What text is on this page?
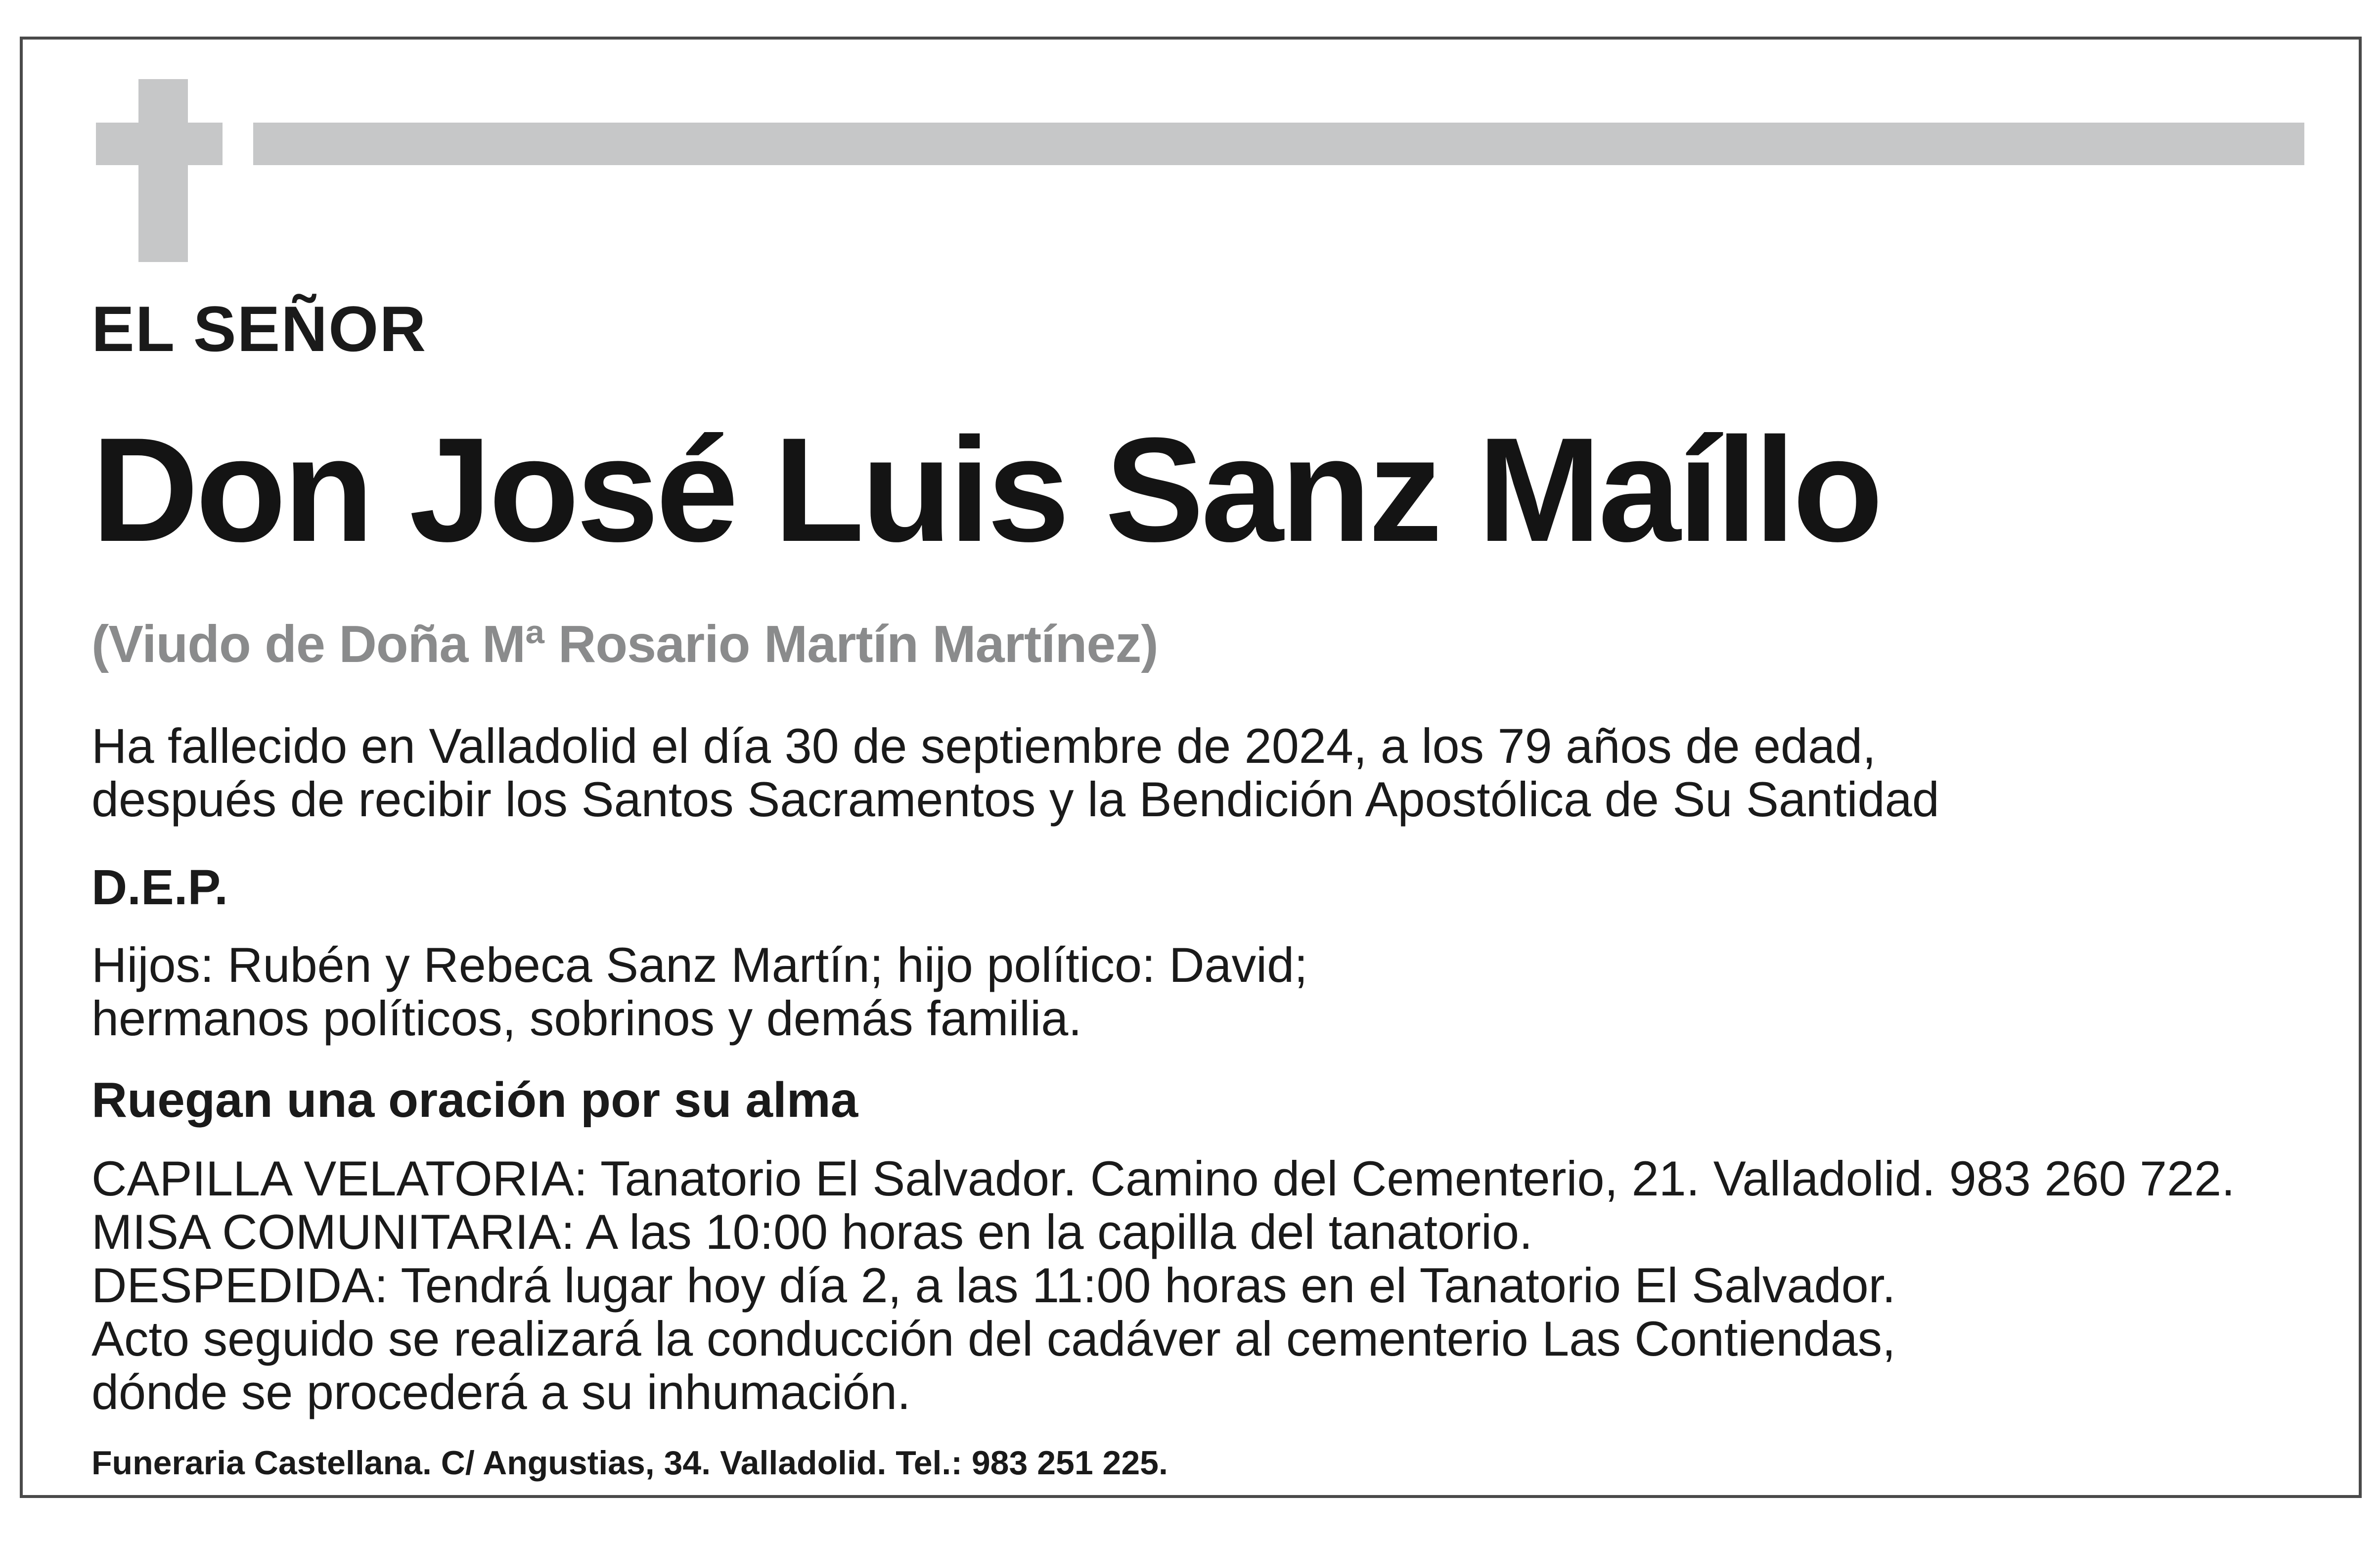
EL SEÑOR
Don José Luis Sanz Maíllo
(Viudo de Doña Mª Rosario Martín Martínez)
Ha fallecido en Valladolid el día 30 de septiembre de 2024, a los 79 años de edad,
después de recibir los Santos Sacramentos y la Bendición Apostólica de Su Santidad
D.E.P.
Hijos: Rubén y Rebeca Sanz Martín; hijo político: David;
hermanos políticos, sobrinos y demás familia.
Ruegan una oración por su alma
CAPILLA VELATORIA: Tanatorio El Salvador. Camino del Cementerio, 21. Valladolid. 983 260 722.
MISA COMUNITARIA: A las 10:00 horas en la capilla del tanatorio.
DESPEDIDA: Tendrá lugar hoy día 2, a las 11:00 horas en el Tanatorio El Salvador.
Acto seguido se realizará la conducción del cadáver al cementerio Las Contiendas,
dónde se procederá a su inhumación.
Funeraria Castellana. C/ Angustias, 34. Valladolid. Tel.: 983 251 225.
